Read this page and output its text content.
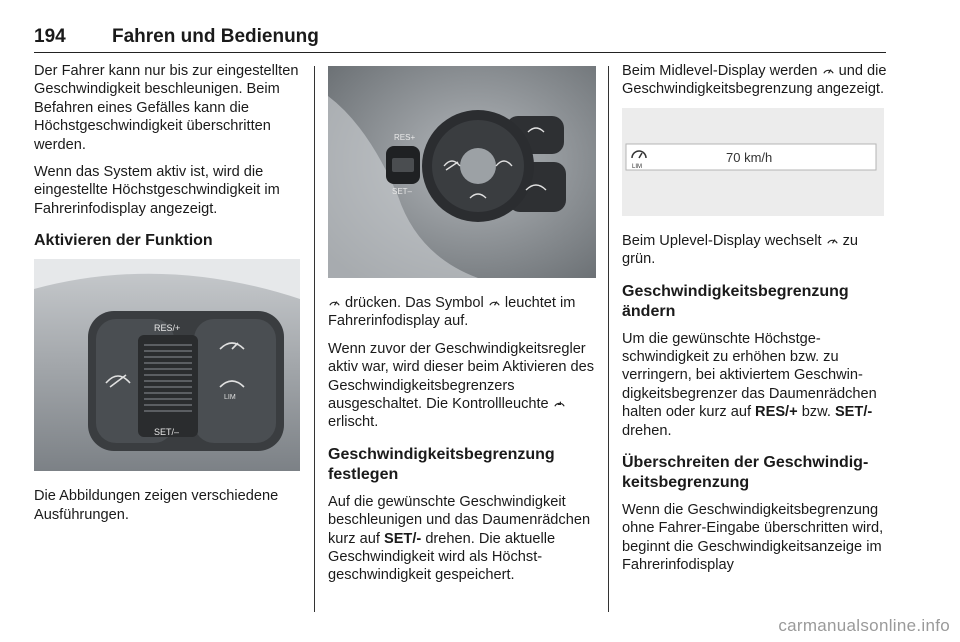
194 Fahren und Bedienung

Der Fahrer kann nur bis zur eingestellten Geschwindigkeit beschleunigen. Beim Befahren eines Gefälles kann die Höchstgeschwindigkeit überschritten werden.

Wenn das System aktiv ist, wird die eingestellte Höchstgeschwindigkeit im Fahrerinfodisplay angezeigt.

Aktivieren der Funktion
RES/+
SET/–
LIM

Die Abbildungen zeigen verschiedene Ausführungen.

RES+
SET–

drücken. Das Symbol  leuchtet im Fahrerinfodisplay auf.

Wenn zuvor der Geschwindigkeitsregler aktiv war, wird dieser beim Aktivieren des Geschwindigkeitsbegrenzers ausgeschaltet. Die Kontrollleuchte  erlischt.

Geschwindigkeitsbegrenzung festlegen

Auf die gewünschte Geschwindigkeit beschleunigen und das Daumenrädchen kurz auf SET/- drehen. Die aktuelle Geschwindigkeit wird als Höchstgeschwindigkeit gespeichert.

Beim Midlevel-Display werden  und die Geschwindigkeitsbegrenzung angezeigt.

LIM
70 km/h

Beim Uplevel-Display wechselt  zu grün.

Geschwindigkeitsbegrenzung ändern

Um die gewünschte Höchstgeschwindigkeit zu erhöhen bzw. zu verringern, bei aktiviertem Geschwindigkeitsbegrenzer das Daumenrädchen halten oder kurz auf RES/+ bzw. SET/- drehen.

Überschreiten der Geschwindigkeitsbegrenzung

Wenn die Geschwindigkeitsbegrenzung ohne Fahrer-Eingabe überschritten wird, beginnt die Geschwindigkeitsanzeige im Fahrerinfodisplay

carmanualsonline.info
